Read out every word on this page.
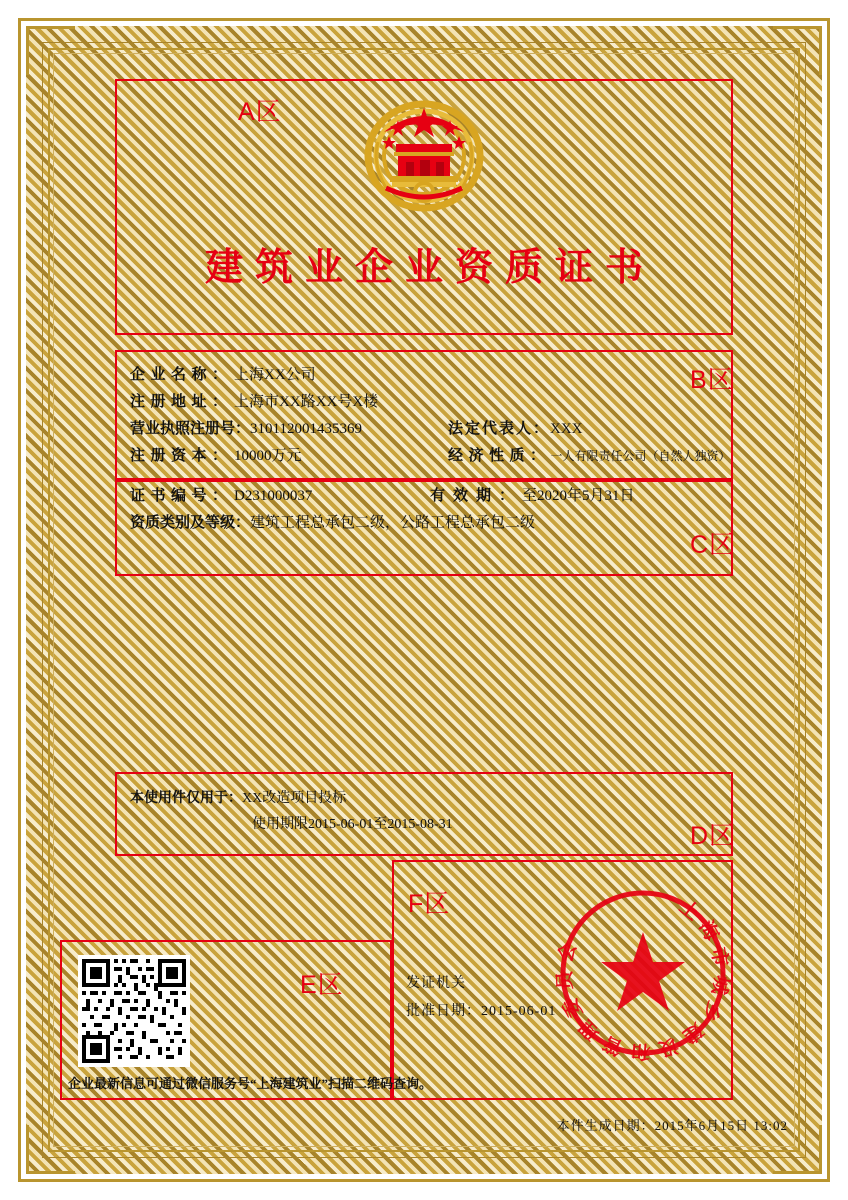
A区
建筑业企业资质证书
B区
C区
企业名称：上海XX公司
注册地址：上海市XX路XX号X楼
营业执照注册号：310112001435369	法定代表人：XXX
注册资本：10000万元	经济性质：一人有限责任公司（自然人独资）
证书编号：D231000037	有效期：至2020年5月31日
资质类别及等级：建筑工程总承包二级，公路工程总承包二级
D区
本使用件仅用于：XX改造项目投标
使用期限2015-06-01至2015-08-31
F区
发证机关
批准日期：2015-06-01
上海市城乡建设和管理委员会
E区
企业最新信息可通过微信服务号“上海建筑业”扫描二维码查询。
本件生成日期：2015年6月15日 13:02
